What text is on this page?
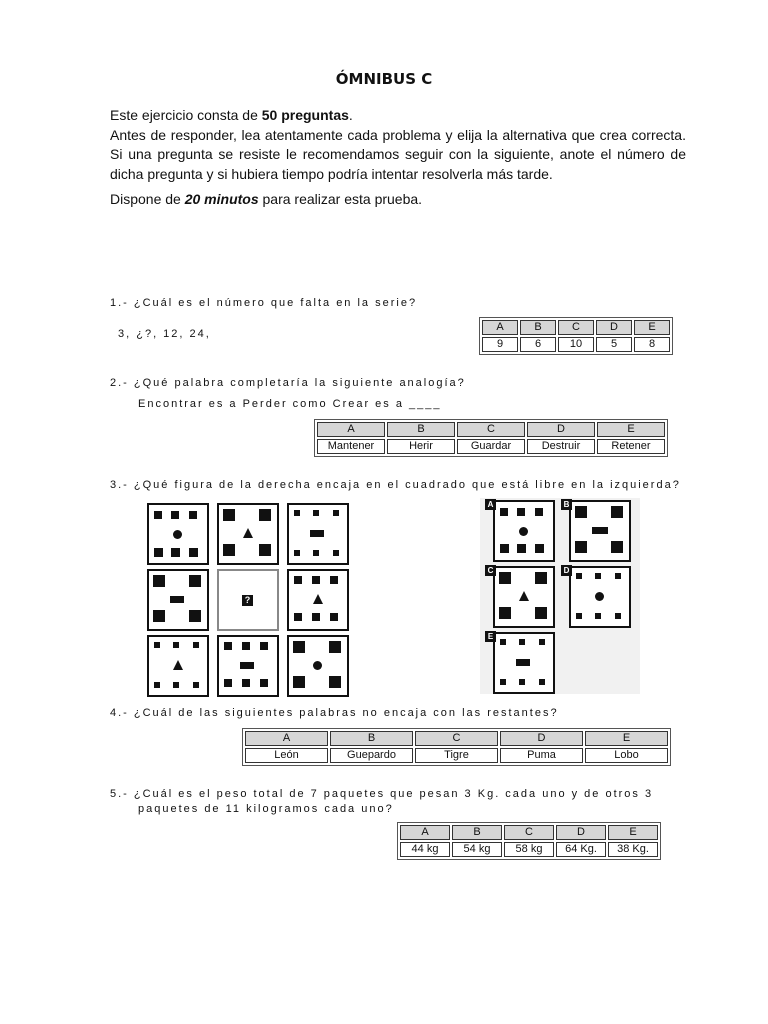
ÓMNIBUS C

Este ejercicio consta de 50 preguntas.

Antes de responder, lea atentamente cada problema y elija la alternativa que crea correcta. Si una pregunta se resiste le recomendamos seguir con la siguiente, anote el número de dicha pregunta y si hubiera tiempo podría intentar resolverla más tarde.

Dispone de 20 minutos para realizar esta prueba.

1.- ¿Cuál es el número que falta en la serie?
3, ¿?, 12, 24,
A	B	C	D	E
9	6	10	5	8
2.- ¿Qué palabra completaría la siguiente analogía?
Encontrar es a Perder como Crear es a ____
A	B	C	D	E
Mantener	Herir	Guardar	Destruir	Retener
3.- ¿Qué figura de la derecha encaja en el cuadrado que está libre en la izquierda?
?
A	B
C	D
E
4.- ¿Cuál de las siguientes palabras no encaja con las restantes?
A	B	C	D	E
León	Guepardo	Tigre	Puma	Lobo
5.- ¿Cuál es el peso total de 7 paquetes que pesan 3 Kg. cada uno y de otros 3
paquetes de 11 kilogramos cada uno?
A	B	C	D	E
44 kg	54 kg	58 kg	64 Kg.	38 Kg.
